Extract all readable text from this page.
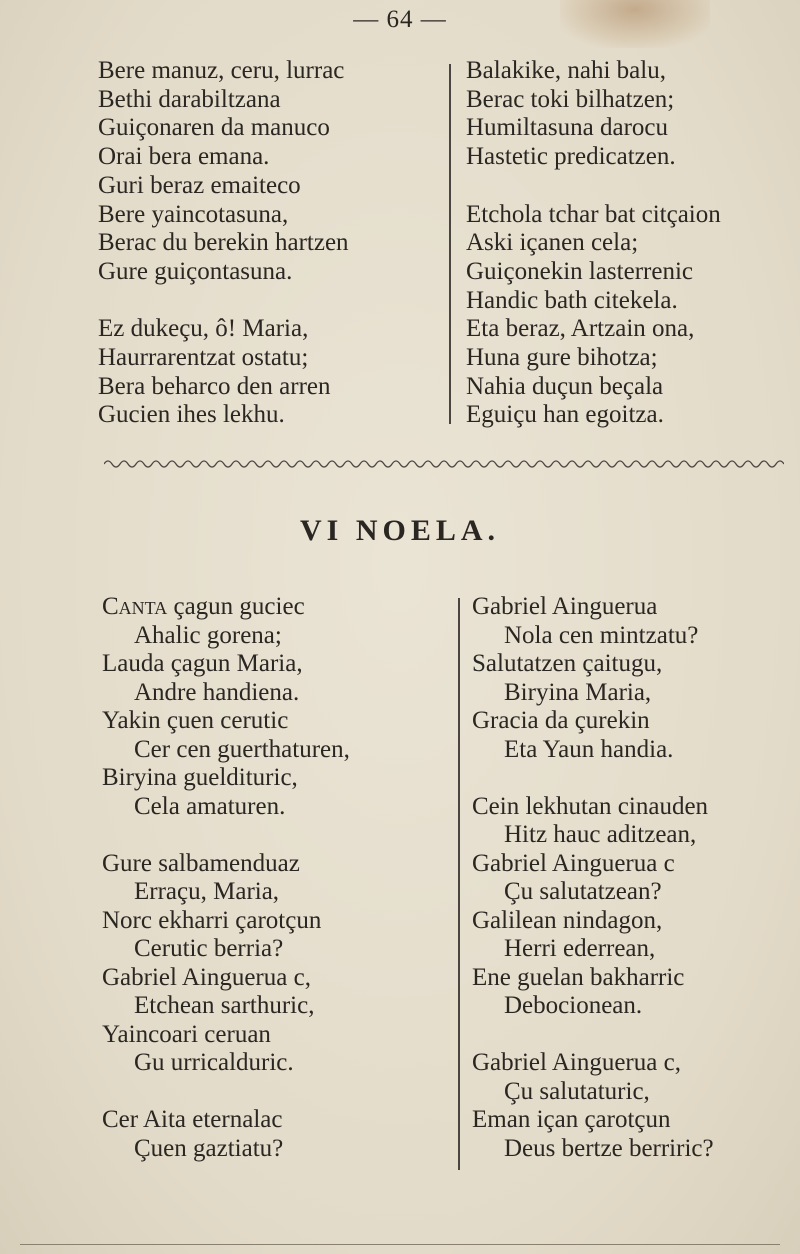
— 64 —
Bere manuz, ceru, lurrac
Bethi darabiltzana
Guiçonaren da manuco
Orai bera emana.
Guri beraz emaiteco
Bere yaincotasuna,
Berac du berekin hartzen
Gure guiçontasuna.
Ez dukeçu, ô! Maria,
Haurrarentzat ostatu;
Bera beharco den arren
Gucien ihes lekhu.
Balakike, nahi balu,
Berac toki bilhatzen;
Humiltasuna darocu
Hastetic predicatzen.
Etchola tchar bat citçaion
Aski içanen cela;
Guiçonekin lasterrenic
Handic bath citekela.
Eta beraz, Artzain ona,
Huna gure bihotza;
Nahia duçun beçala
Eguiçu han egoitza.
VI NOELA.
Canta çagun guciec
Ahalic gorena;
Lauda çagun Maria,
Andre handiena.
Yakin çuen cerutic
Cer cen guerthaturen,
Biryina gueldituric,
Cela amaturen.
Gure salbamenduaz
Erraçu, Maria,
Norc ekharri çarotçun
Cerutic berria?
Gabriel Ainguerua c,
Etchean sarthuric,
Yaincoari ceruan
Gu urricalduric.
Cer Aita eternalac
Çuen gaztiatu?
Gabriel Ainguerua
Nola cen mintzatu?
Salutatzen çaitugu,
Biryina Maria,
Gracia da çurekin
Eta Yaun handia.
Cein lekhutan cinauden
Hitz hauc aditzean,
Gabriel Ainguerua c
Çu salutatzean?
Galilean nindagon,
Herri ederrean,
Ene guelan bakharric
Debocionean.
Gabriel Ainguerua c,
Çu salutaturic,
Eman içan çarotçun
Deus bertze berriric?
